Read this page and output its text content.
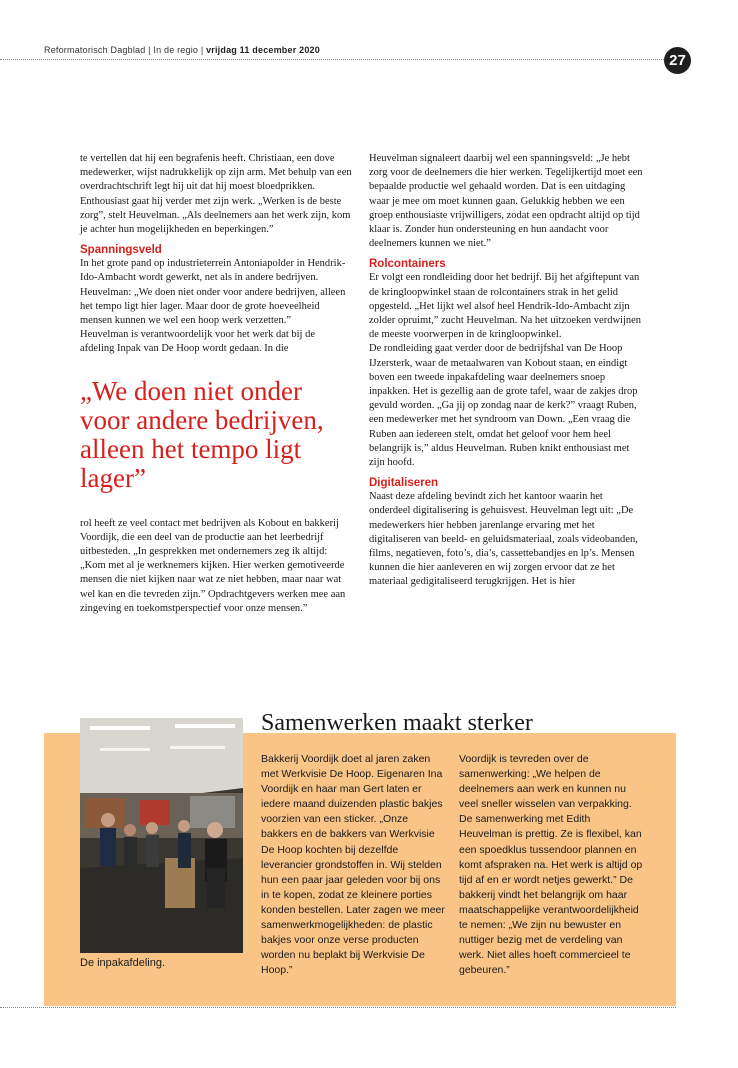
Reformatorisch Dagblad | In de regio | vrijdag 11 december 2020
27

te vertellen dat hij een begrafenis heeft. Christiaan, een dove medewerker, wijst nadrukkelijk op zijn arm. Met behulp van een overdrachtschrift legt hij uit dat hij moest bloedprikken. Enthousiast gaat hij verder met zijn werk. „Werken is de beste zorg”, stelt Heuvelman. „Als deelnemers aan het werk zijn, kom je achter hun mogelijkheden en beperkingen.”

Spanningsveld

In het grote pand op industrieterrein Antoniapolder in Hendrik-Ido-Ambacht wordt gewerkt, net als in andere bedrijven. Heuvelman: „We doen niet onder voor andere bedrijven, alleen het tempo ligt hier lager. Maar door de grote hoeveelheid mensen kunnen we wel een hoop werk verzetten.”

Heuvelman is verantwoordelijk voor het werk dat bij de afdeling Inpak van De Hoop wordt gedaan. In die

„We doen niet onder voor andere bedrijven, alleen het tempo ligt lager”

rol heeft ze veel contact met bedrijven als Kobout en bakkerij Voordijk, die een deel van de productie aan het leerbedrijf uitbesteden. „In gesprekken met ondernemers zeg ik altijd: „Kom met al je werknemers kijken. Hier werken gemotiveerde mensen die niet kijken naar wat ze niet hebben, maar naar wat wel kan en die tevreden zijn.” Opdrachtgevers werken mee aan zingeving en toekomstperspectief voor onze mensen.”

Heuvelman signaleert daarbij wel een spanningsveld: „Je hebt zorg voor de deelnemers die hier werken. Tegelijkertijd moet een bepaalde productie wel gehaald worden. Dat is een uitdaging waar je mee om moet kunnen gaan. Gelukkig hebben we een groep enthousiaste vrijwilligers, zodat een opdracht altijd op tijd klaar is. Zonder hun ondersteuning en hun aandacht voor deelnemers kunnen we niet.”

Rolcontainers

Er volgt een rondleiding door het bedrijf. Bij het afgiftepunt van de kringloopwinkel staan de rolcontainers strak in het gelid opgesteld. „Het lijkt wel alsof heel Hendrik-Ido-Ambacht zijn zolder opruimt,” zucht Heuvelman. Na het uitzoeken verdwijnen de meeste voorwerpen in de kringloopwinkel.

De rondleiding gaat verder door de bedrijfshal van De Hoop IJzersterk, waar de metaalwaren van Kobout staan, en eindigt boven een tweede inpakafdeling waar deelnemers snoep inpakken. Het is gezellig aan de grote tafel, waar de zakjes drop gevuld worden. „Ga jij op zondag naar de kerk?” vraagt Ruben, een medewerker met het syndroom van Down. „Een vraag die Ruben aan iedereen stelt, omdat het geloof voor hem heel belangrijk is,” aldus Heuvelman. Ruben knikt enthousiast met zijn hoofd.

Digitaliseren

Naast deze afdeling bevindt zich het kantoor waarin het onderdeel digitalisering is gehuisvest. Heuvelman legt uit: „De medewerkers hier hebben jarenlange ervaring met het digitaliseren van beeld- en geluidsmateriaal, zoals videobanden, films, negatieven, foto’s, dia’s, cassettebandjes en lp’s. Mensen kunnen die hier aanleveren en wij zorgen ervoor dat ze het materiaal gedigitaliseerd terugkrijgen. Het is hier

Samenwerken maakt sterker
De inpakafdeling.
Bakkerij Voordijk doet al jaren zaken met Werkvisie De Hoop. Eigenaren Ina Voordijk en haar man Gert laten er iedere maand duizenden plastic bakjes voorzien van een sticker. „Onze bakkers en de bakkers van Werkvisie De Hoop kochten bij dezelfde leverancier grondstoffen in. Wij stelden hun een paar jaar geleden voor bij ons in te kopen, zodat ze kleinere porties konden bestellen. Later zagen we meer samenwerkmogelijkheden: de plastic bakjes voor onze verse producten worden nu beplakt bij Werkvisie De Hoop.”
Voordijk is tevreden over de samenwerking: „We helpen de deelnemers aan werk en kunnen nu veel sneller wisselen van verpakking. De samenwerking met Edith Heuvelman is prettig. Ze is flexibel, kan een spoedklus tussendoor plannen en komt afspraken na. Het werk is altijd op tijd af en er wordt netjes gewerkt.” De bakkerij vindt het belangrijk om haar maatschappelijke verantwoordelijkheid te nemen: „We zijn nu bewuster en nuttiger bezig met de verdeling van werk. Niet alles hoeft commercieel te gebeuren.”
